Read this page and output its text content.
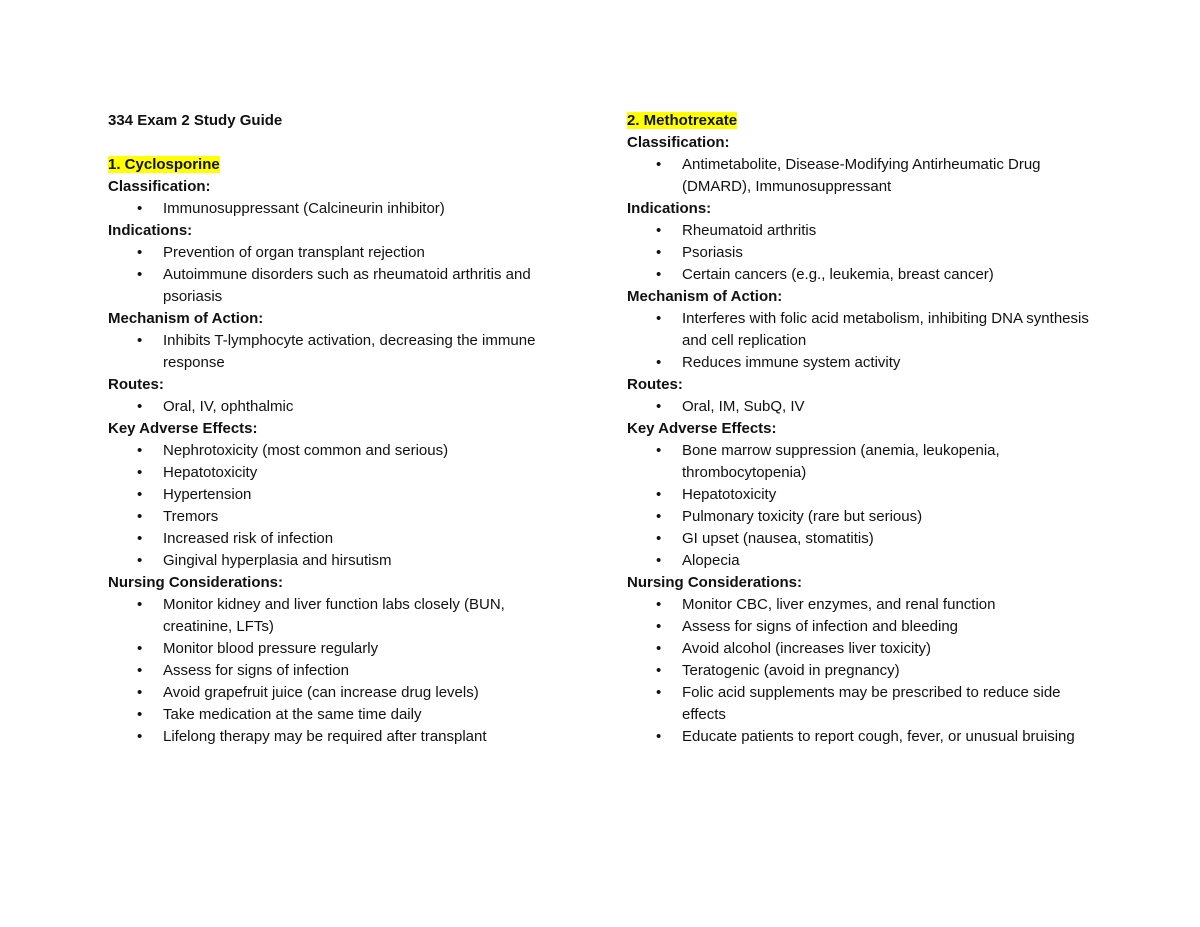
334 Exam 2 Study Guide

1. Cyclosporine

Classification:

• Immunosuppressant (Calcineurin inhibitor)

Indications:

• Prevention of organ transplant rejection
• Autoimmune disorders such as rheumatoid arthritis and psoriasis

Mechanism of Action:

• Inhibits T-lymphocyte activation, decreasing the immune response

Routes:

• Oral, IV, ophthalmic

Key Adverse Effects:

• Nephrotoxicity (most common and serious)
• Hepatotoxicity
• Hypertension
• Tremors
• Increased risk of infection
• Gingival hyperplasia and hirsutism

Nursing Considerations:

• Monitor kidney and liver function labs closely (BUN, creatinine, LFTs)
• Monitor blood pressure regularly
• Assess for signs of infection
• Avoid grapefruit juice (can increase drug levels)
• Take medication at the same time daily
• Lifelong therapy may be required after transplant

2. Methotrexate

Classification:

• Antimetabolite, Disease-Modifying Antirheumatic Drug (DMARD), Immunosuppressant

Indications:

• Rheumatoid arthritis
• Psoriasis
• Certain cancers (e.g., leukemia, breast cancer)

Mechanism of Action:

• Interferes with folic acid metabolism, inhibiting DNA synthesis and cell replication
• Reduces immune system activity

Routes:

• Oral, IM, SubQ, IV

Key Adverse Effects:

• Bone marrow suppression (anemia, leukopenia, thrombocytopenia)
• Hepatotoxicity
• Pulmonary toxicity (rare but serious)
• GI upset (nausea, stomatitis)
• Alopecia

Nursing Considerations:

• Monitor CBC, liver enzymes, and renal function
• Assess for signs of infection and bleeding
• Avoid alcohol (increases liver toxicity)
• Teratogenic (avoid in pregnancy)
• Folic acid supplements may be prescribed to reduce side effects
• Educate patients to report cough, fever, or unusual bruising
